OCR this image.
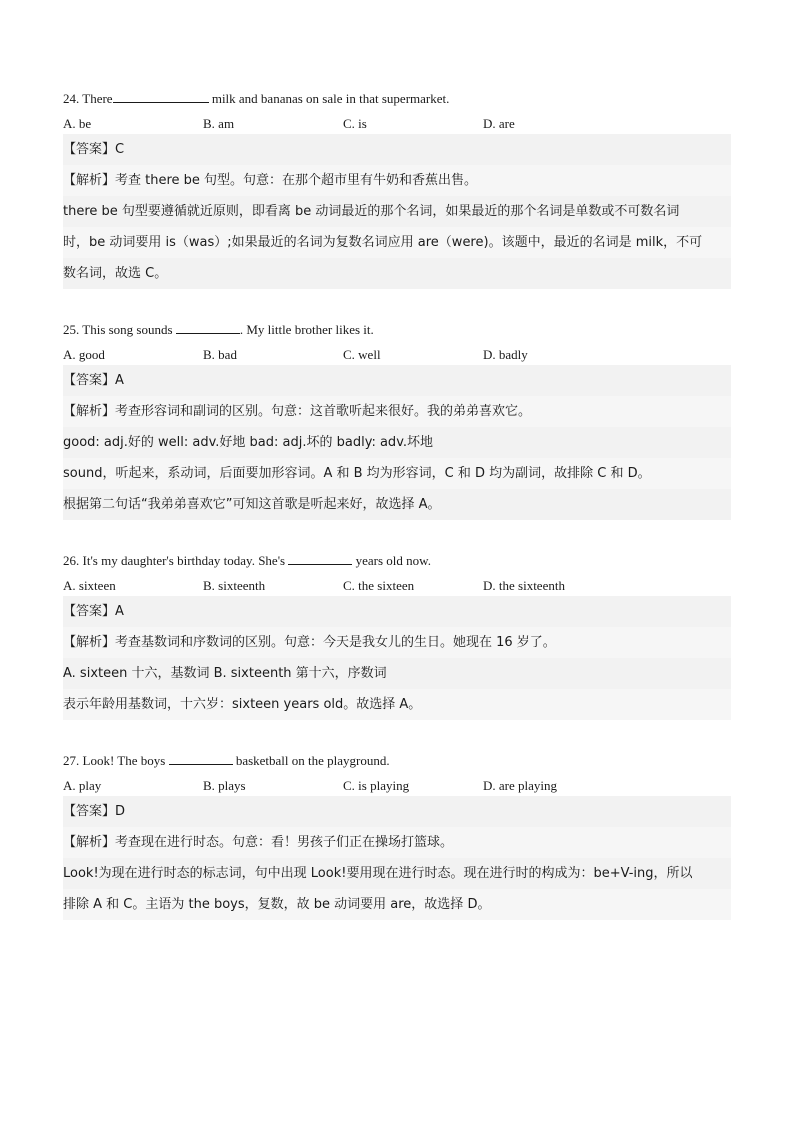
24. There	milk and bananas on sale in that supermarket.
A. be	B. am	C. is	D. are
【答案】C
【解析】考查 there be 句型。句意：在那个超市里有牛奶和香蕉出售。
there be 句型要遵循就近原则，即看离 be 动词最近的那个名词，如果最近的那个名词是单数或不可数名词
时，be 动词要用 is（was）;如果最近的名词为复数名词应用 are（were)。该题中，最近的名词是 milk，不可
数名词，故选 C。
25. This song sounds	. My little brother likes it.
A. good	B. bad	C. well	D. badly
【答案】A
【解析】考查形容词和副词的区别。句意：这首歌听起来很好。我的弟弟喜欢它。
good: adj.好的 well: adv.好地 bad: adj.坏的 badly: adv.坏地
sound，听起来，系动词，后面要加形容词。A 和 B 均为形容词，C 和 D 均为副词，故排除 C 和 D。
根据第二句话“我弟弟喜欢它”可知这首歌是听起来好，故选择 A。
26. It's my daughter's birthday today. She's	years old now.
A. sixteen	B. sixteenth	C. the sixteen	D. the sixteenth
【答案】A
【解析】考查基数词和序数词的区别。句意：今天是我女儿的生日。她现在 16 岁了。
A. sixteen 十六，基数词 B. sixteenth 第十六，序数词
表示年龄用基数词，十六岁：sixteen years old。故选择 A。
27. Look! The boys	basketball on the playground.
A. play	B. plays	C. is playing	D. are playing
【答案】D
【解析】考查现在进行时态。句意：看！男孩子们正在操场打篮球。
Look!为现在进行时态的标志词，句中出现 Look!要用现在进行时态。现在进行时的构成为：be+V-ing，所以
排除 A 和 C。主语为 the boys，复数，故 be 动词要用 are，故选择 D。
